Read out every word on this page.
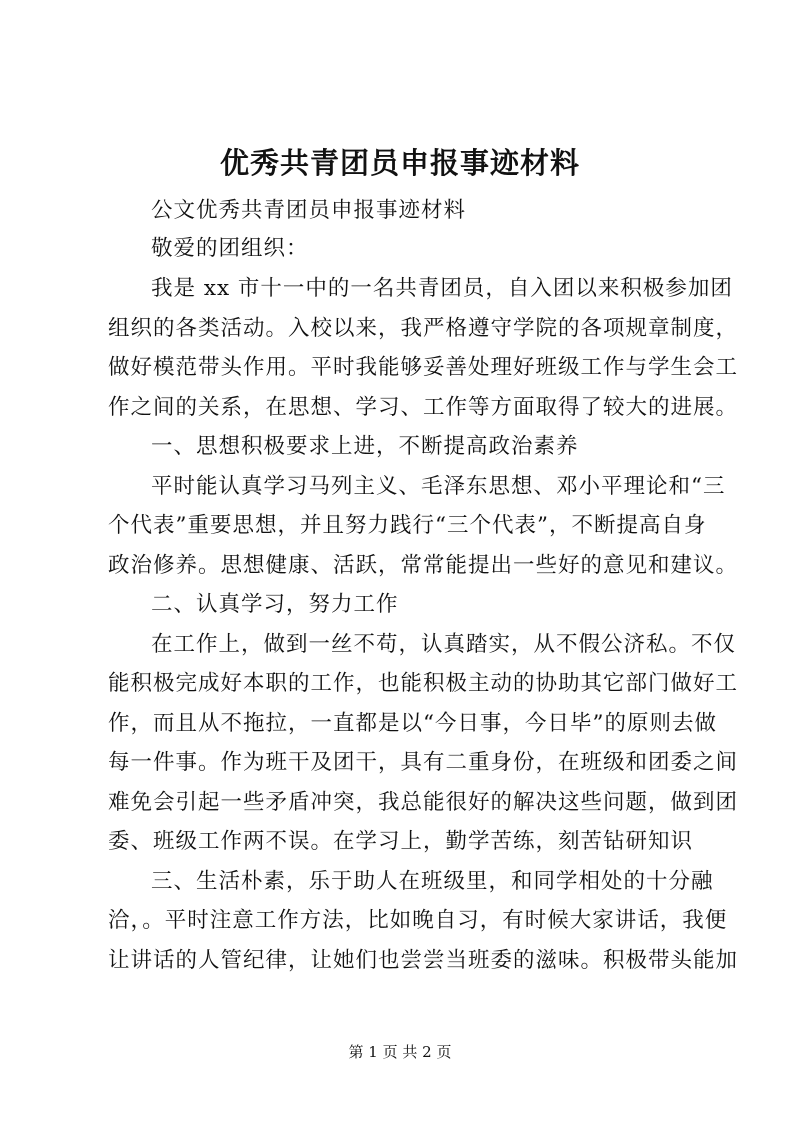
优秀共青团员申报事迹材料
公文优秀共青团员申报事迹材料
敬爱的团组织：
我是 xx 市十一中的一名共青团员，自入团以来积极参加团
组织的各类活动。入校以来，我严格遵守学院的各项规章制度，
做好模范带头作用。平时我能够妥善处理好班级工作与学生会工
作之间的关系，在思想、学习、工作等方面取得了较大的进展。
一、思想积极要求上进，不断提高政治素养
平时能认真学习马列主义、毛泽东思想、邓小平理论和“三
个代表”重要思想，并且努力践行“三个代表”，不断提高自身
政治修养。思想健康、活跃，常常能提出一些好的意见和建议。
二、认真学习，努力工作
在工作上，做到一丝不苟，认真踏实，从不假公济私。不仅
能积极完成好本职的工作，也能积极主动的协助其它部门做好工
作，而且从不拖拉，一直都是以“今日事，今日毕”的原则去做
每一件事。作为班干及团干，具有二重身份，在班级和团委之间
难免会引起一些矛盾冲突，我总能很好的解决这些问题，做到团
委、班级工作两不误。在学习上，勤学苦练，刻苦钻研知识
三、生活朴素，乐于助人在班级里，和同学相处的十分融
洽，。平时注意工作方法，比如晚自习，有时候大家讲话，我便
让讲话的人管纪律，让她们也尝尝当班委的滋味。积极带头能加
第 1 页 共 2 页
